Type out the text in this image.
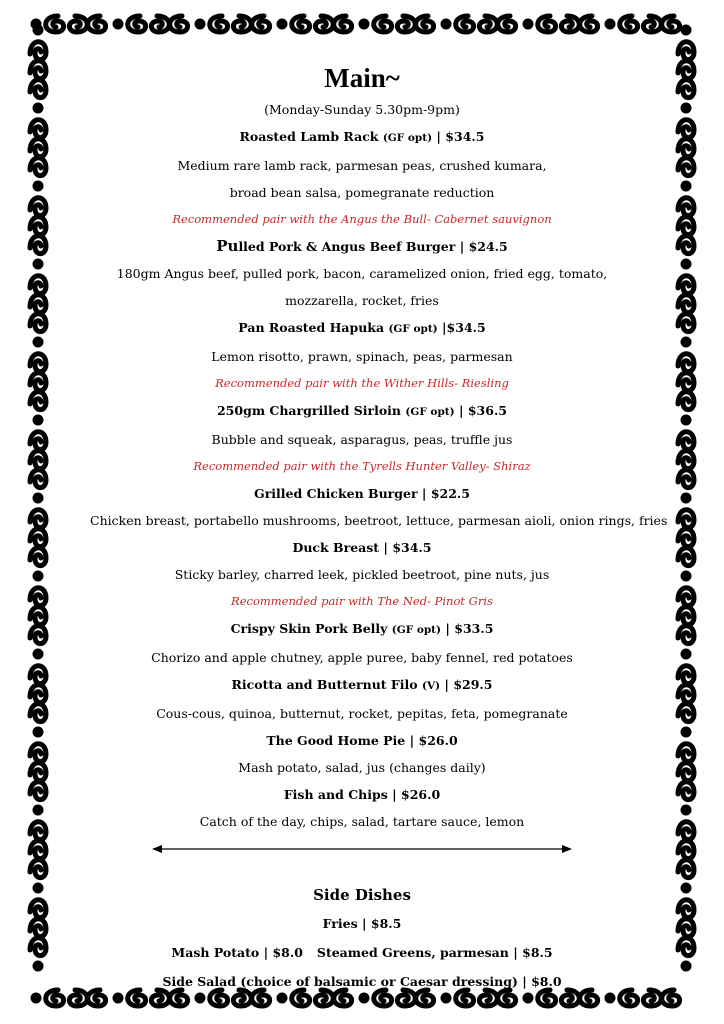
Main~
(Monday-Sunday 5.30pm-9pm)
Roasted Lamb Rack (GF opt) | $34.5
Medium rare lamb rack, parmesan peas, crushed kumara,
broad bean salsa, pomegranate reduction
Recommended pair with the Angus the Bull- Cabernet sauvignon
Pulled Pork & Angus Beef Burger | $24.5
180gm Angus beef, pulled pork, bacon, caramelized onion, fried egg, tomato,
mozzarella, rocket, fries
Pan Roasted Hapuka (GF opt) |$34.5
Lemon risotto, prawn, spinach, peas, parmesan
Recommended pair with the Wither Hills- Riesling
250gm Chargrilled Sirloin (GF opt) | $36.5
Bubble and squeak, asparagus, peas, truffle jus
Recommended pair with the Tyrells Hunter Valley- Shiraz
Grilled Chicken Burger | $22.5
Chicken breast, portabello mushrooms, beetroot, lettuce, parmesan aioli, onion rings, fries
Duck Breast | $34.5
Sticky barley, charred leek, pickled beetroot, pine nuts, jus
Recommended pair with The Ned- Pinot Gris
Crispy Skin Pork Belly (GF opt) | $33.5
Chorizo and apple chutney, apple puree, baby fennel, red potatoes
Ricotta and Butternut Filo (V) | $29.5
Cous-cous, quinoa, butternut, rocket, pepitas, feta, pomegranate
The Good Home Pie | $26.0
Mash potato, salad, jus (changes daily)
Fish and Chips | $26.0
Catch of the day, chips, salad, tartare sauce, lemon
Side Dishes
Fries | $8.5
Mash Potato | $8.0 Steamed Greens, parmesan | $8.5
Side Salad (choice of balsamic or Caesar dressing) | $8.0
